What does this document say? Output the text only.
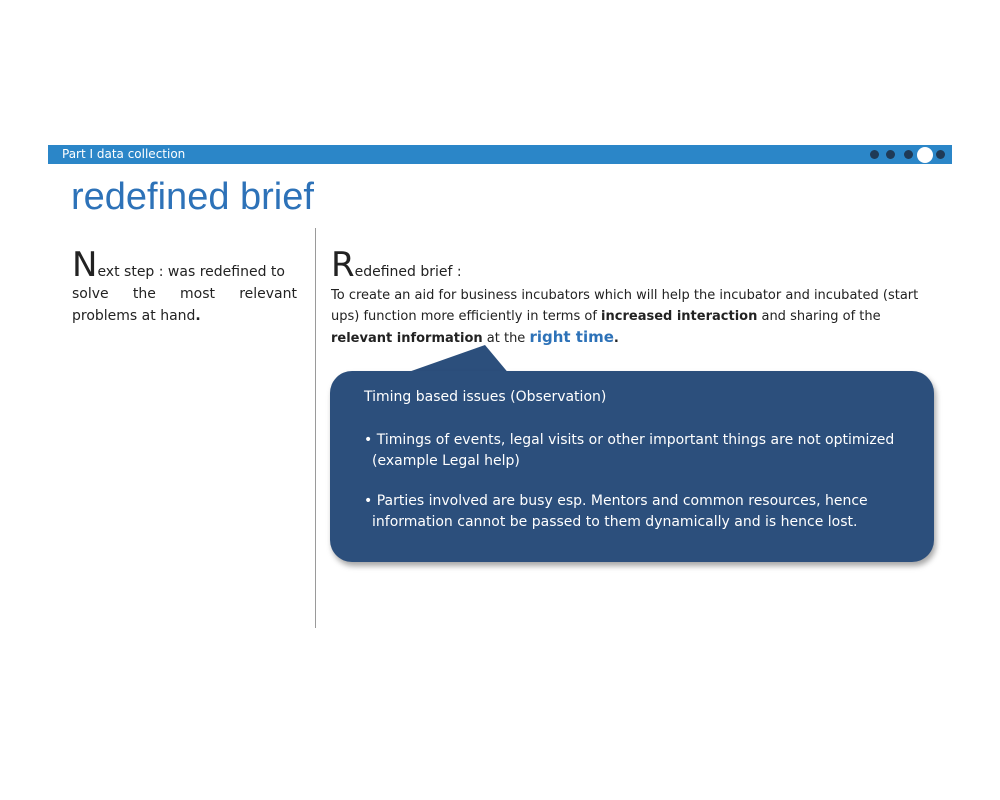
Part I data collection
redefined brief
Next step : was redefined to
solve the most relevant
problems at hand.
Redefined brief :
To create an aid for business incubators which will help the incubator and incubated (start ups) function more efficiently in terms of increased interaction and sharing of the relevant information at the right time.
Timing based issues (Observation)
• Timings of events, legal visits or other important things are not optimized
(example Legal help)
• Parties involved are busy esp. Mentors and common resources, hence
information cannot be passed to them dynamically and is hence lost.
